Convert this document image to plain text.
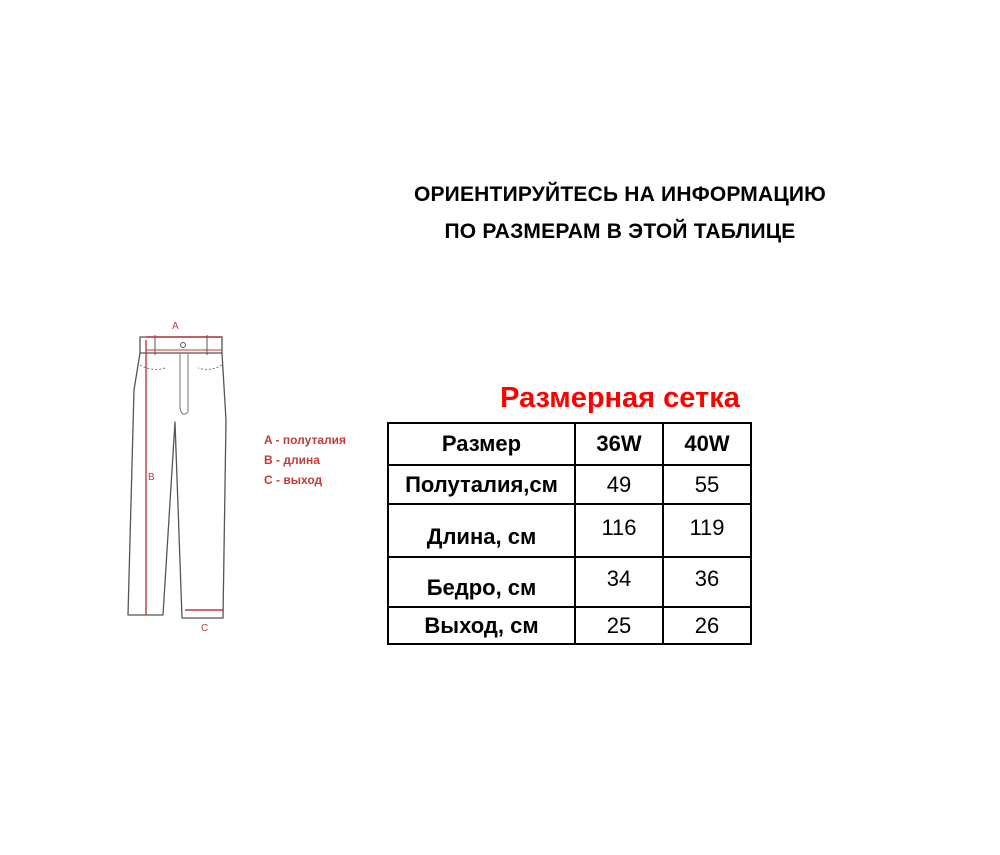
ОРИЕНТИРУЙТЕСЬ НА ИНФОРМАЦИЮ
ПО РАЗМЕРАМ В ЭТОЙ ТАБЛИЦЕ
A
B
C
A - полуталия
B - длина
C - выход
Размерная сетка
Размер	36W	40W
Полуталия,см	49	55
Длина, см	116	119
Бедро, см	34	36
Выход, см	25	26
